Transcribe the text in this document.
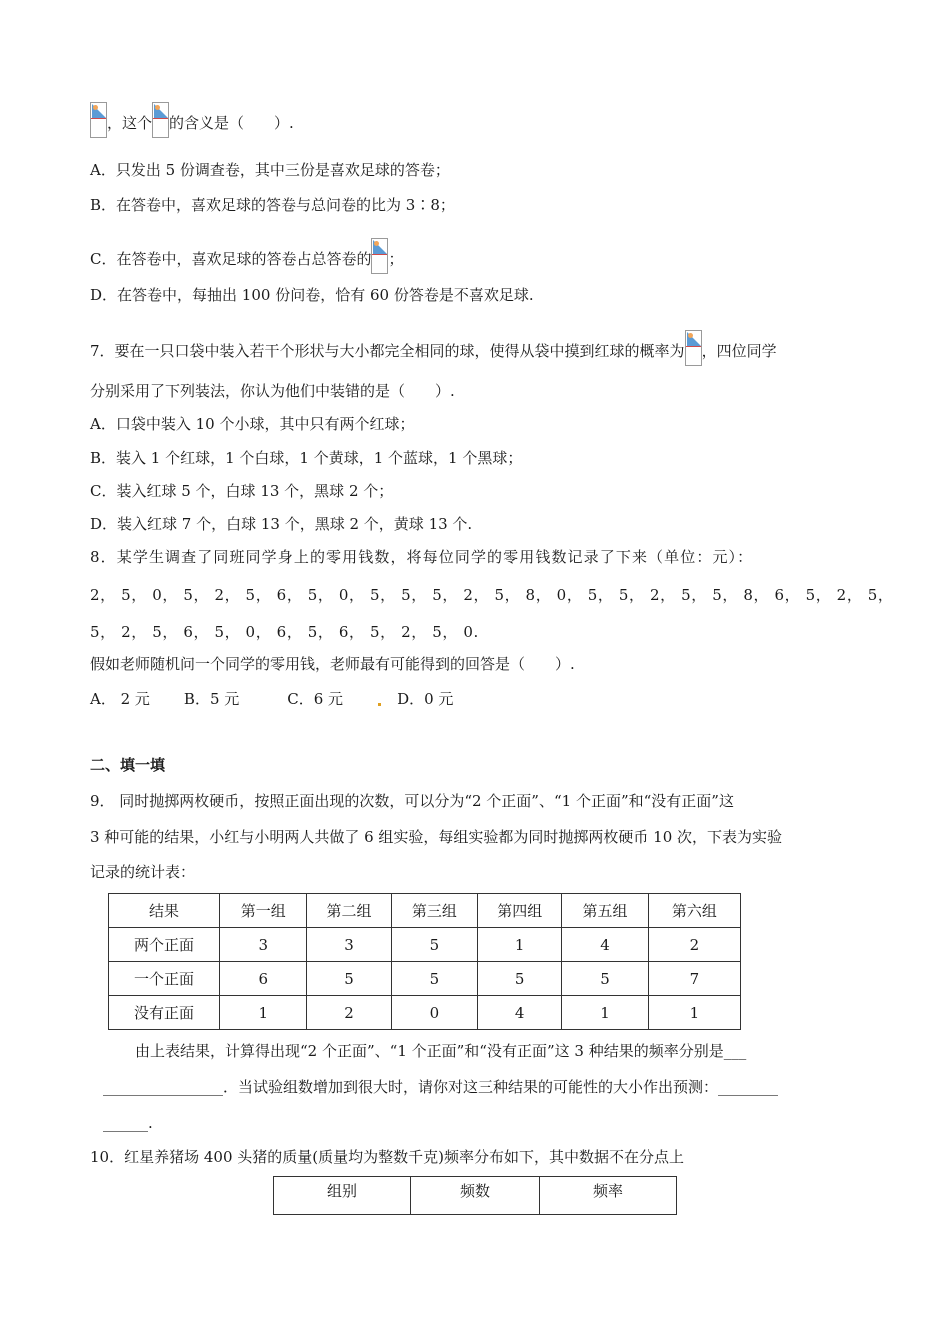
，这个 的含义是（　　）.
A．只发出 5 份调查卷，其中三份是喜欢足球的答卷；
B．在答卷中，喜欢足球的答卷与总问卷的比为 3∶8；
C．在答卷中，喜欢足球的答卷占总答卷的 ；
D．在答卷中，每抽出 100 份问卷，恰有 60 份答卷是不喜欢足球.
7．要在一只口袋中装入若干个形状与大小都完全相同的球，使得从袋中摸到红球的概率为 ，四位同学
分别采用了下列装法，你认为他们中装错的是（　　）.
A．口袋中装入 10 个小球，其中只有两个红球；
B．装入 1 个红球，1 个白球，1 个黄球，1 个蓝球，1 个黑球；
C．装入红球 5 个，白球 13 个，黑球 2 个；
D．装入红球 7 个，白球 13 个，黑球 2 个，黄球 13 个.
8．某学生调查了同班同学身上的零用钱数，将每位同学的零用钱数记录了下来（单位：元）：
2， 5， 0， 5， 2， 5， 6， 5， 0， 5， 5， 5， 2， 5， 8， 0， 5， 5， 2， 5， 5， 8， 6， 5， 2， 5，
5， 2， 5， 6， 5， 0， 6， 5， 6， 5， 2， 5， 0.
假如老师随机问一个同学的零用钱，老师最有可能得到的回答是（　　）.
A． 2 元 B．5 元	C．6 元	D．0 元
二、填一填
9． 同时抛掷两枚硬币，按照正面出现的次数，可以分为“2 个正面”、“1 个正面”和“没有正面”这
3 种可能的结果，小红与小明两人共做了 6 组实验，每组实验都为同时抛掷两枚硬币 10 次，下表为实验
记录的统计表：
结果	第一组	第二组	第三组	第四组	第五组	第六组
两个正面	3	3	5	1	4	2
一个正面	6	5	5	5	5	7
没有正面	1	2	0	4	1	1
由上表结果，计算得出现“2 个正面”、“1 个正面”和“没有正面”这 3 种结果的频率分别是___
________________．当试验组数增加到很大时，请你对这三种结果的可能性的大小作出预测：________
______.
10．红星养猪场 400 头猪的质量(质量均为整数千克)频率分布如下，其中数据不在分点上
组别	频数	频率
